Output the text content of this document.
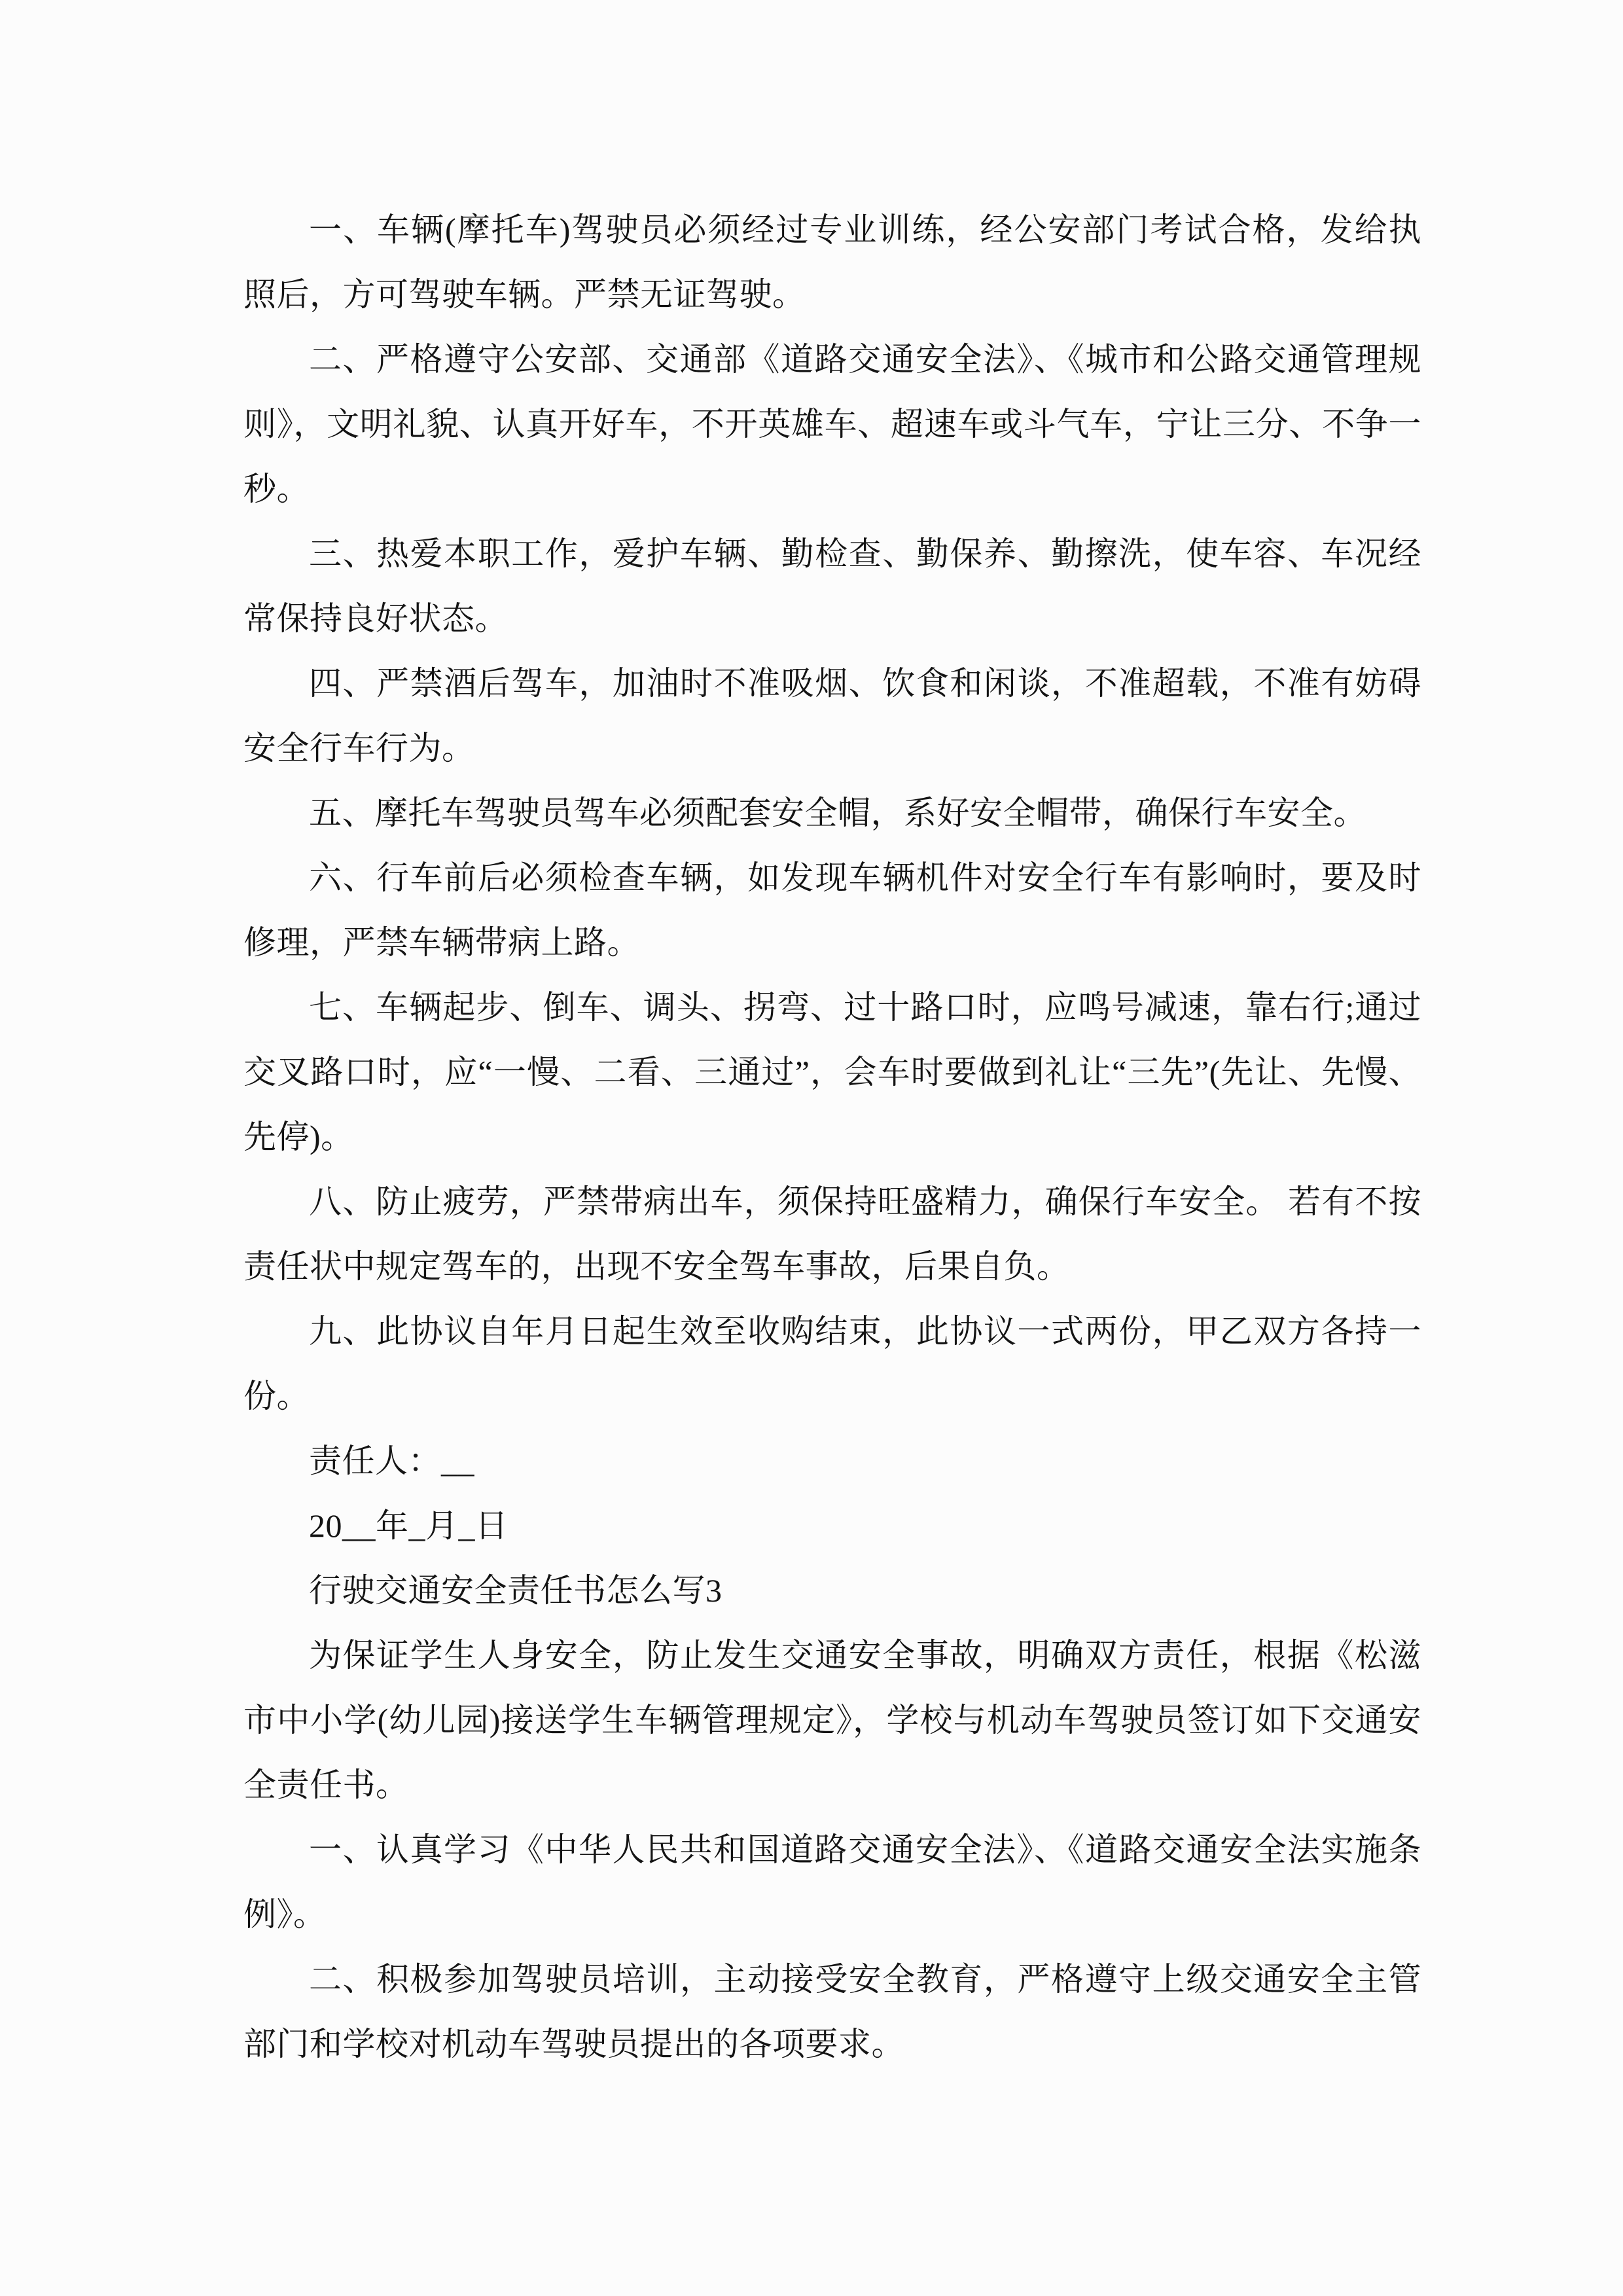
一、车辆(摩托车)驾驶员必须经过专业训练，经公安部门考试合格，发给执照后，方可驾驶车辆。严禁无证驾驶。

二、严格遵守公安部、交通部《道路交通安全法》、《城市和公路交通管理规则》，文明礼貌、认真开好车，不开英雄车、超速车或斗气车，宁让三分、不争一秒。

三、热爱本职工作，爱护车辆、勤检查、勤保养、勤擦洗，使车容、车况经常保持良好状态。

四、严禁酒后驾车，加油时不准吸烟、饮食和闲谈，不准超载，不准有妨碍安全行车行为。

五、摩托车驾驶员驾车必须配套安全帽，系好安全帽带，确保行车安全。

六、行车前后必须检查车辆，如发现车辆机件对安全行车有影响时，要及时修理，严禁车辆带病上路。

七、车辆起步、倒车、调头、拐弯、过十路口时，应鸣号减速，靠右行;通过交叉路口时，应“一慢、二看、三通过”，会车时要做到礼让“三先”(先让、先慢、先停)。

八、防止疲劳，严禁带病出车，须保持旺盛精力，确保行车安全。 若有不按责任状中规定驾车的，出现不安全驾车事故，后果自负。

九、此协议自年月日起生效至收购结束，此协议一式两份，甲乙双方各持一份。

责任人：__

20__年_月_日

行驶交通安全责任书怎么写3

为保证学生人身安全，防止发生交通安全事故，明确双方责任，根据《松滋市中小学(幼儿园)接送学生车辆管理规定》，学校与机动车驾驶员签订如下交通安全责任书。

一、认真学习《中华人民共和国道路交通安全法》、《道路交通安全法实施条例》。

二、积极参加驾驶员培训，主动接受安全教育，严格遵守上级交通安全主管部门和学校对机动车驾驶员提出的各项要求。
